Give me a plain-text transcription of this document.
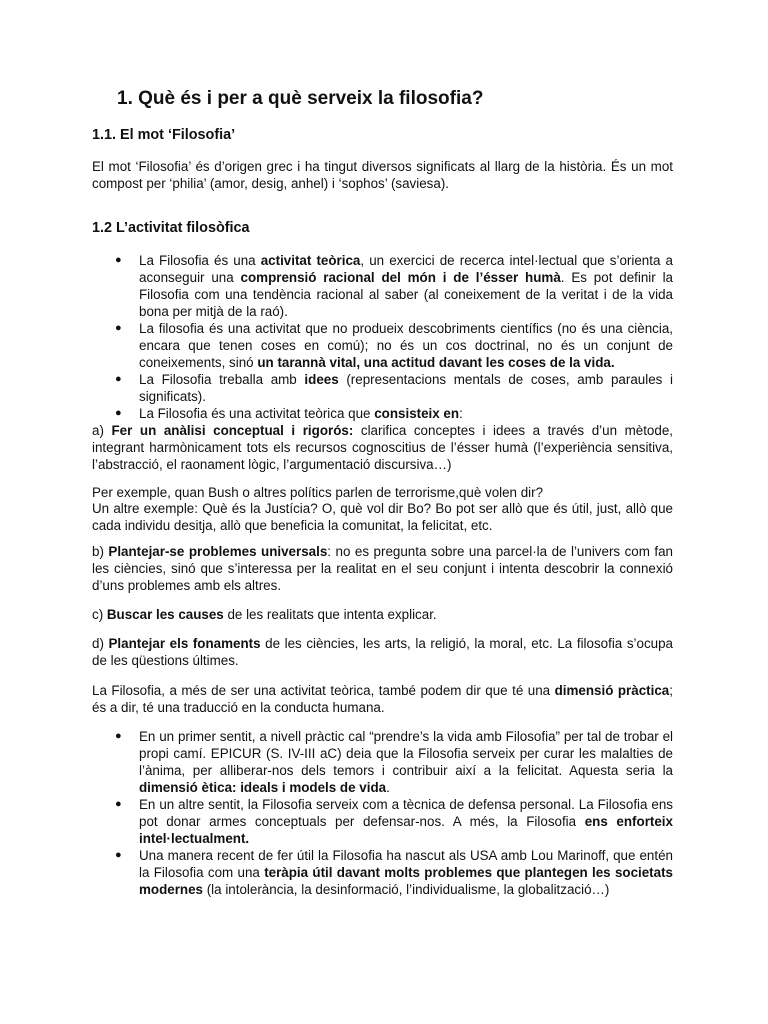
1. Què és i per a què serveix la filosofia?
1.1. El mot ‘Filosofia’

El mot ‘Filosofia’ és d’origen grec i ha tingut diversos significats al llarg de la història. És un mot compost per ‘philia’ (amor, desig, anhel) i ‘sophos’ (saviesa).

1.2 L’activitat filosòfica
● La Filosofia és una activitat teòrica, un exercici de recerca intel·lectual que s’orienta a aconseguir una comprensió racional del món i de l’ésser humà. Es pot definir la Filosofia com una tendència racional al saber (al coneixement de la veritat i de la vida bona per mitjà de la raó).
● La filosofia és una activitat que no produeix descobriments científics (no és una ciència, encara que tenen coses en comú); no és un cos doctrinal, no és un conjunt de coneixements, sinó un tarannà vital, una actitud davant les coses de la vida.
● La Filosofia treballa amb idees (representacions mentals de coses, amb paraules i significats).
● La Filosofia és una activitat teòrica que consisteix en:

a) Fer un anàlisi conceptual i rigorós: clarifica conceptes i idees a través d’un mètode, integrant harmònicament tots els recursos cognoscitius de l’ésser humà (l’experiència sensitiva, l’abstracció, el raonament lògic, l’argumentació discursiva…)

Per exemple, quan Bush o altres polítics parlen de terrorisme,què volen dir?

Un altre exemple: Què és la Justícia? O, què vol dir Bo? Bo pot ser allò que és útil, just, allò que cada individu desitja, allò que beneficia la comunitat, la felicitat, etc.

b) Plantejar-se problemes universals: no es pregunta sobre una parcel·la de l’univers com fan les ciències, sinó que s’interessa per la realitat en el seu conjunt i intenta descobrir la connexió d’uns problemes amb els altres.

c) Buscar les causes de les realitats que intenta explicar.

d) Plantejar els fonaments de les ciències, les arts, la religió, la moral, etc. La filosofia s’ocupa de les qüestions últimes.

La Filosofia, a més de ser una activitat teòrica, també podem dir que té una dimensió pràctica; és a dir, té una traducció en la conducta humana.

● En un primer sentit, a nivell pràctic cal “prendre’s la vida amb Filosofia” per tal de trobar el propi camí. EPICUR (S. IV-III aC) deia que la Filosofia serveix per curar les malalties de l’ànima, per alliberar-nos dels temors i contribuir així a la felicitat. Aquesta seria la dimensió ètica: ideals i models de vida.
● En un altre sentit, la Filosofia serveix com a tècnica de defensa personal. La Filosofia ens pot donar armes conceptuals per defensar-nos. A més, la Filosofia ens enforteix intel·lectualment.
● Una manera recent de fer útil la Filosofia ha nascut als USA amb Lou Marinoff, que entén la Filosofia com una teràpia útil davant molts problemes que plantegen les societats modernes (la intolerància, la desinformació, l’individualisme, la globalització…)
